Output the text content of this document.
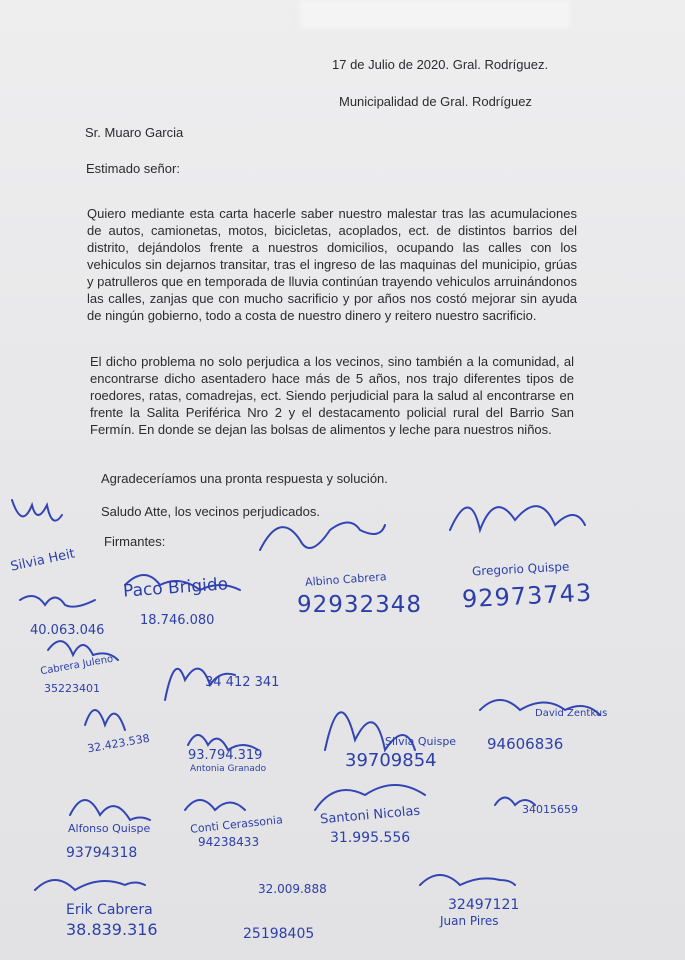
17 de Julio de 2020. Gral. Rodríguez.
Municipalidad de Gral. Rodríguez
Sr. Muaro Garcia
Estimado señor:
Quiero mediante esta carta hacerle saber nuestro malestar tras las acumulaciones de autos, camionetas, motos, bicicletas, acoplados, ect. de distintos barrios del distrito, dejándolos frente a nuestros domicilios, ocupando las calles con los vehiculos sin dejarnos transitar, tras el ingreso de las maquinas del municipio, grúas y patrulleros que en temporada de lluvia continúan trayendo vehiculos arruinándonos las calles, zanjas que con mucho sacrificio y por años nos costó mejorar sin ayuda de ningún gobierno, todo a costa de nuestro dinero y reitero nuestro sacrificio.
El dicho problema no solo perjudica a los vecinos, sino también a la comunidad, al encontrarse dicho asentadero hace más de 5 años, nos trajo diferentes tipos de roedores, ratas, comadrejas, ect. Siendo perjudicial para la salud al encontrarse en frente la Salita Periférica Nro 2 y el destacamento policial rural del Barrio San Fermín. En donde se dejan las bolsas de alimentos y leche para nuestros niños.
Agradeceríamos una pronta respuesta y solución.
Saludo Atte, los vecinos perjudicados.
Firmantes:
Silvia Heit
40.063.046
Paco Brigido
18.746.080
Albino Cabrera
92932348
Gregorio Quispe
92973743
Cabrera Juleno
35223401	34 412 341
32.423.538
93.794.319
Antonia Granado
Silvia Quispe
39709854
David Zentkus
94606836
Alfonso Quispe
93794318
Conti Cerassonia
94238433
Santoni Nicolas
31.995.556
34015659
32.009.888
Erik Cabrera
38.839.316	25198405
32497121
Juan Pires
